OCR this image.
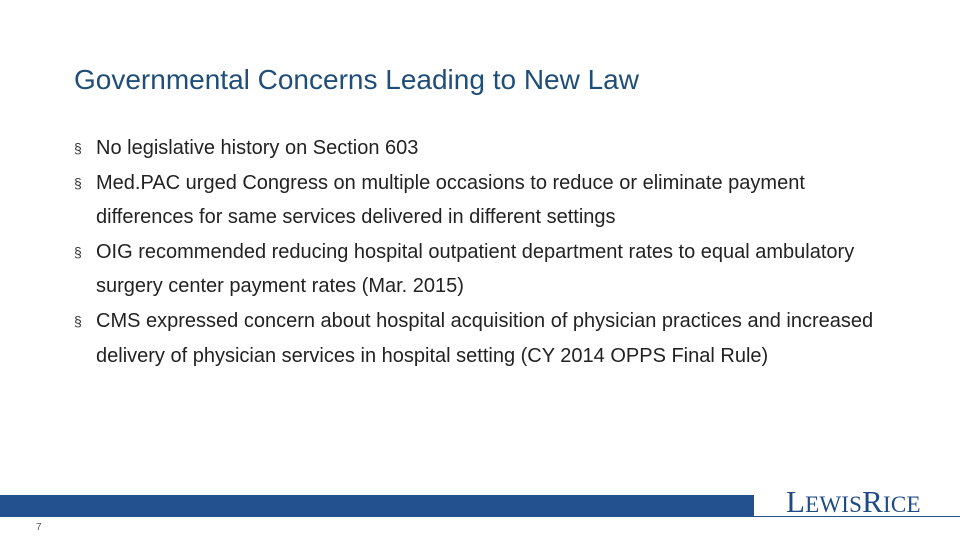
Governmental Concerns Leading to New Law
§ No legislative history on Section 603
§ Med.PAC urged Congress on multiple occasions to reduce or eliminate payment differences for same services delivered in different settings
§ OIG recommended reducing hospital outpatient department rates to equal ambulatory surgery center payment rates (Mar. 2015)
§ CMS expressed concern about hospital acquisition of physician practices and increased delivery of physician services in hospital setting (CY 2014 OPPS Final Rule)
7
LEWISRICE
